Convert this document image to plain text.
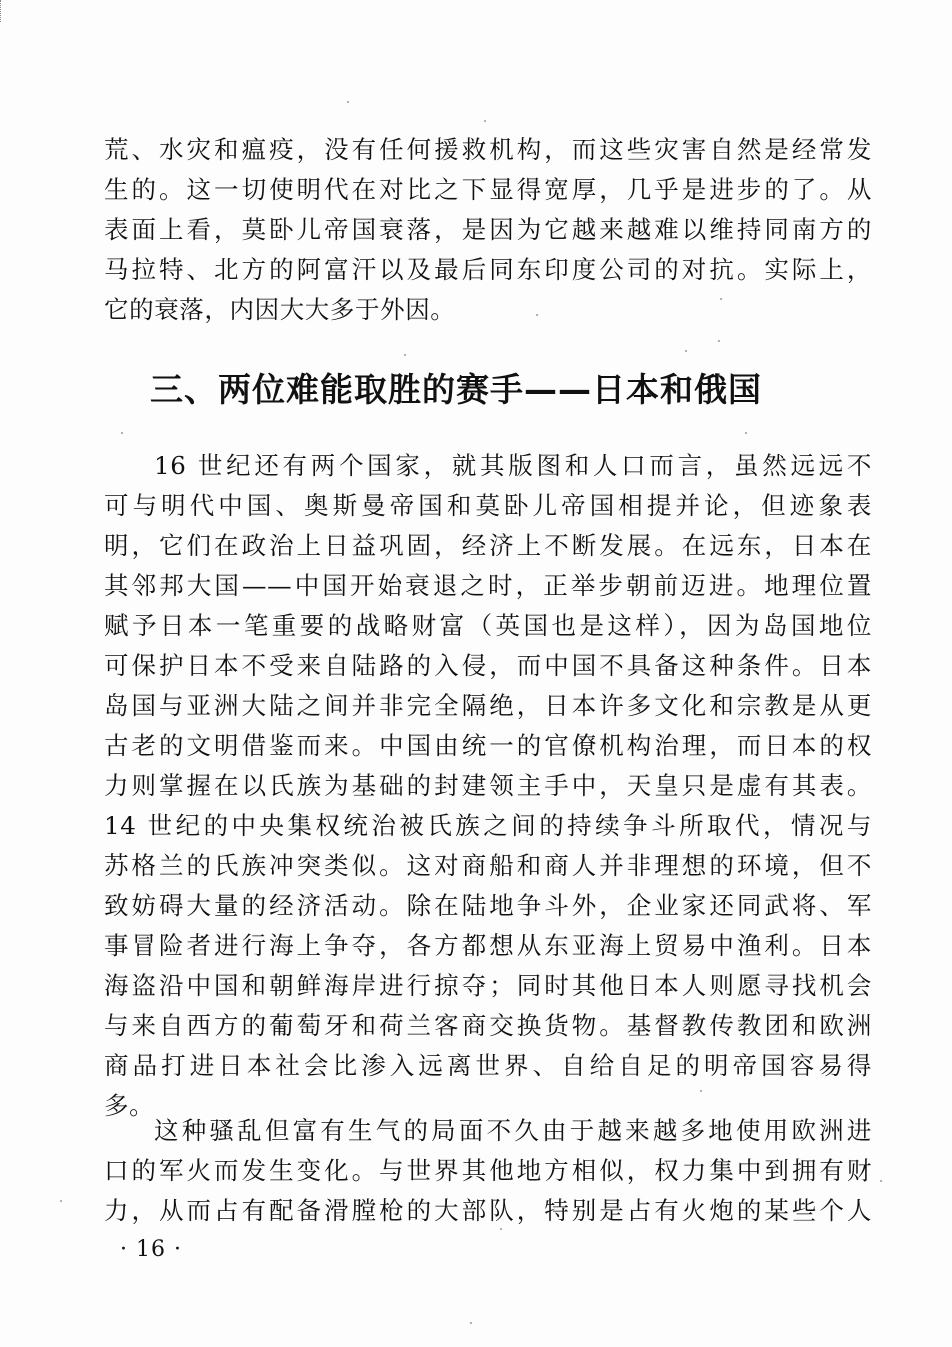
荒、水灾和瘟疫，没有任何援救机构，而这些灾害自然是经常发
生的。这一切使明代在对比之下显得宽厚，几乎是进步的了。从
表面上看，莫卧儿帝国衰落，是因为它越来越难以维持同南方的
马拉特、北方的阿富汗以及最后同东印度公司的对抗。实际上，
它的衰落，内因大大多于外因。
三、两位难能取胜的赛手——日本和俄国
16 世纪还有两个国家，就其版图和人口而言，虽然远远不
可与明代中国、奥斯曼帝国和莫卧儿帝国相提并论，但迹象表
明，它们在政治上日益巩固，经济上不断发展。在远东，日本在
其邻邦大国——中国开始衰退之时，正举步朝前迈进。地理位置
赋予日本一笔重要的战略财富（英国也是这样），因为岛国地位
可保护日本不受来自陆路的入侵，而中国不具备这种条件。日本
岛国与亚洲大陆之间并非完全隔绝，日本许多文化和宗教是从更
古老的文明借鉴而来。中国由统一的官僚机构治理，而日本的权
力则掌握在以氏族为基础的封建领主手中，天皇只是虚有其表。
14 世纪的中央集权统治被氏族之间的持续争斗所取代，情况与
苏格兰的氏族冲突类似。这对商船和商人并非理想的环境，但不
致妨碍大量的经济活动。除在陆地争斗外，企业家还同武将、军
事冒险者进行海上争夺，各方都想从东亚海上贸易中渔利。日本
海盗沿中国和朝鲜海岸进行掠夺；同时其他日本人则愿寻找机会
与来自西方的葡萄牙和荷兰客商交换货物。基督教传教团和欧洲
商品打进日本社会比渗入远离世界、自给自足的明帝国容易得
多。
这种骚乱但富有生气的局面不久由于越来越多地使用欧洲进
口的军火而发生变化。与世界其他地方相似，权力集中到拥有财
力，从而占有配备滑膛枪的大部队，特别是占有火炮的某些个人
· 16 ·
